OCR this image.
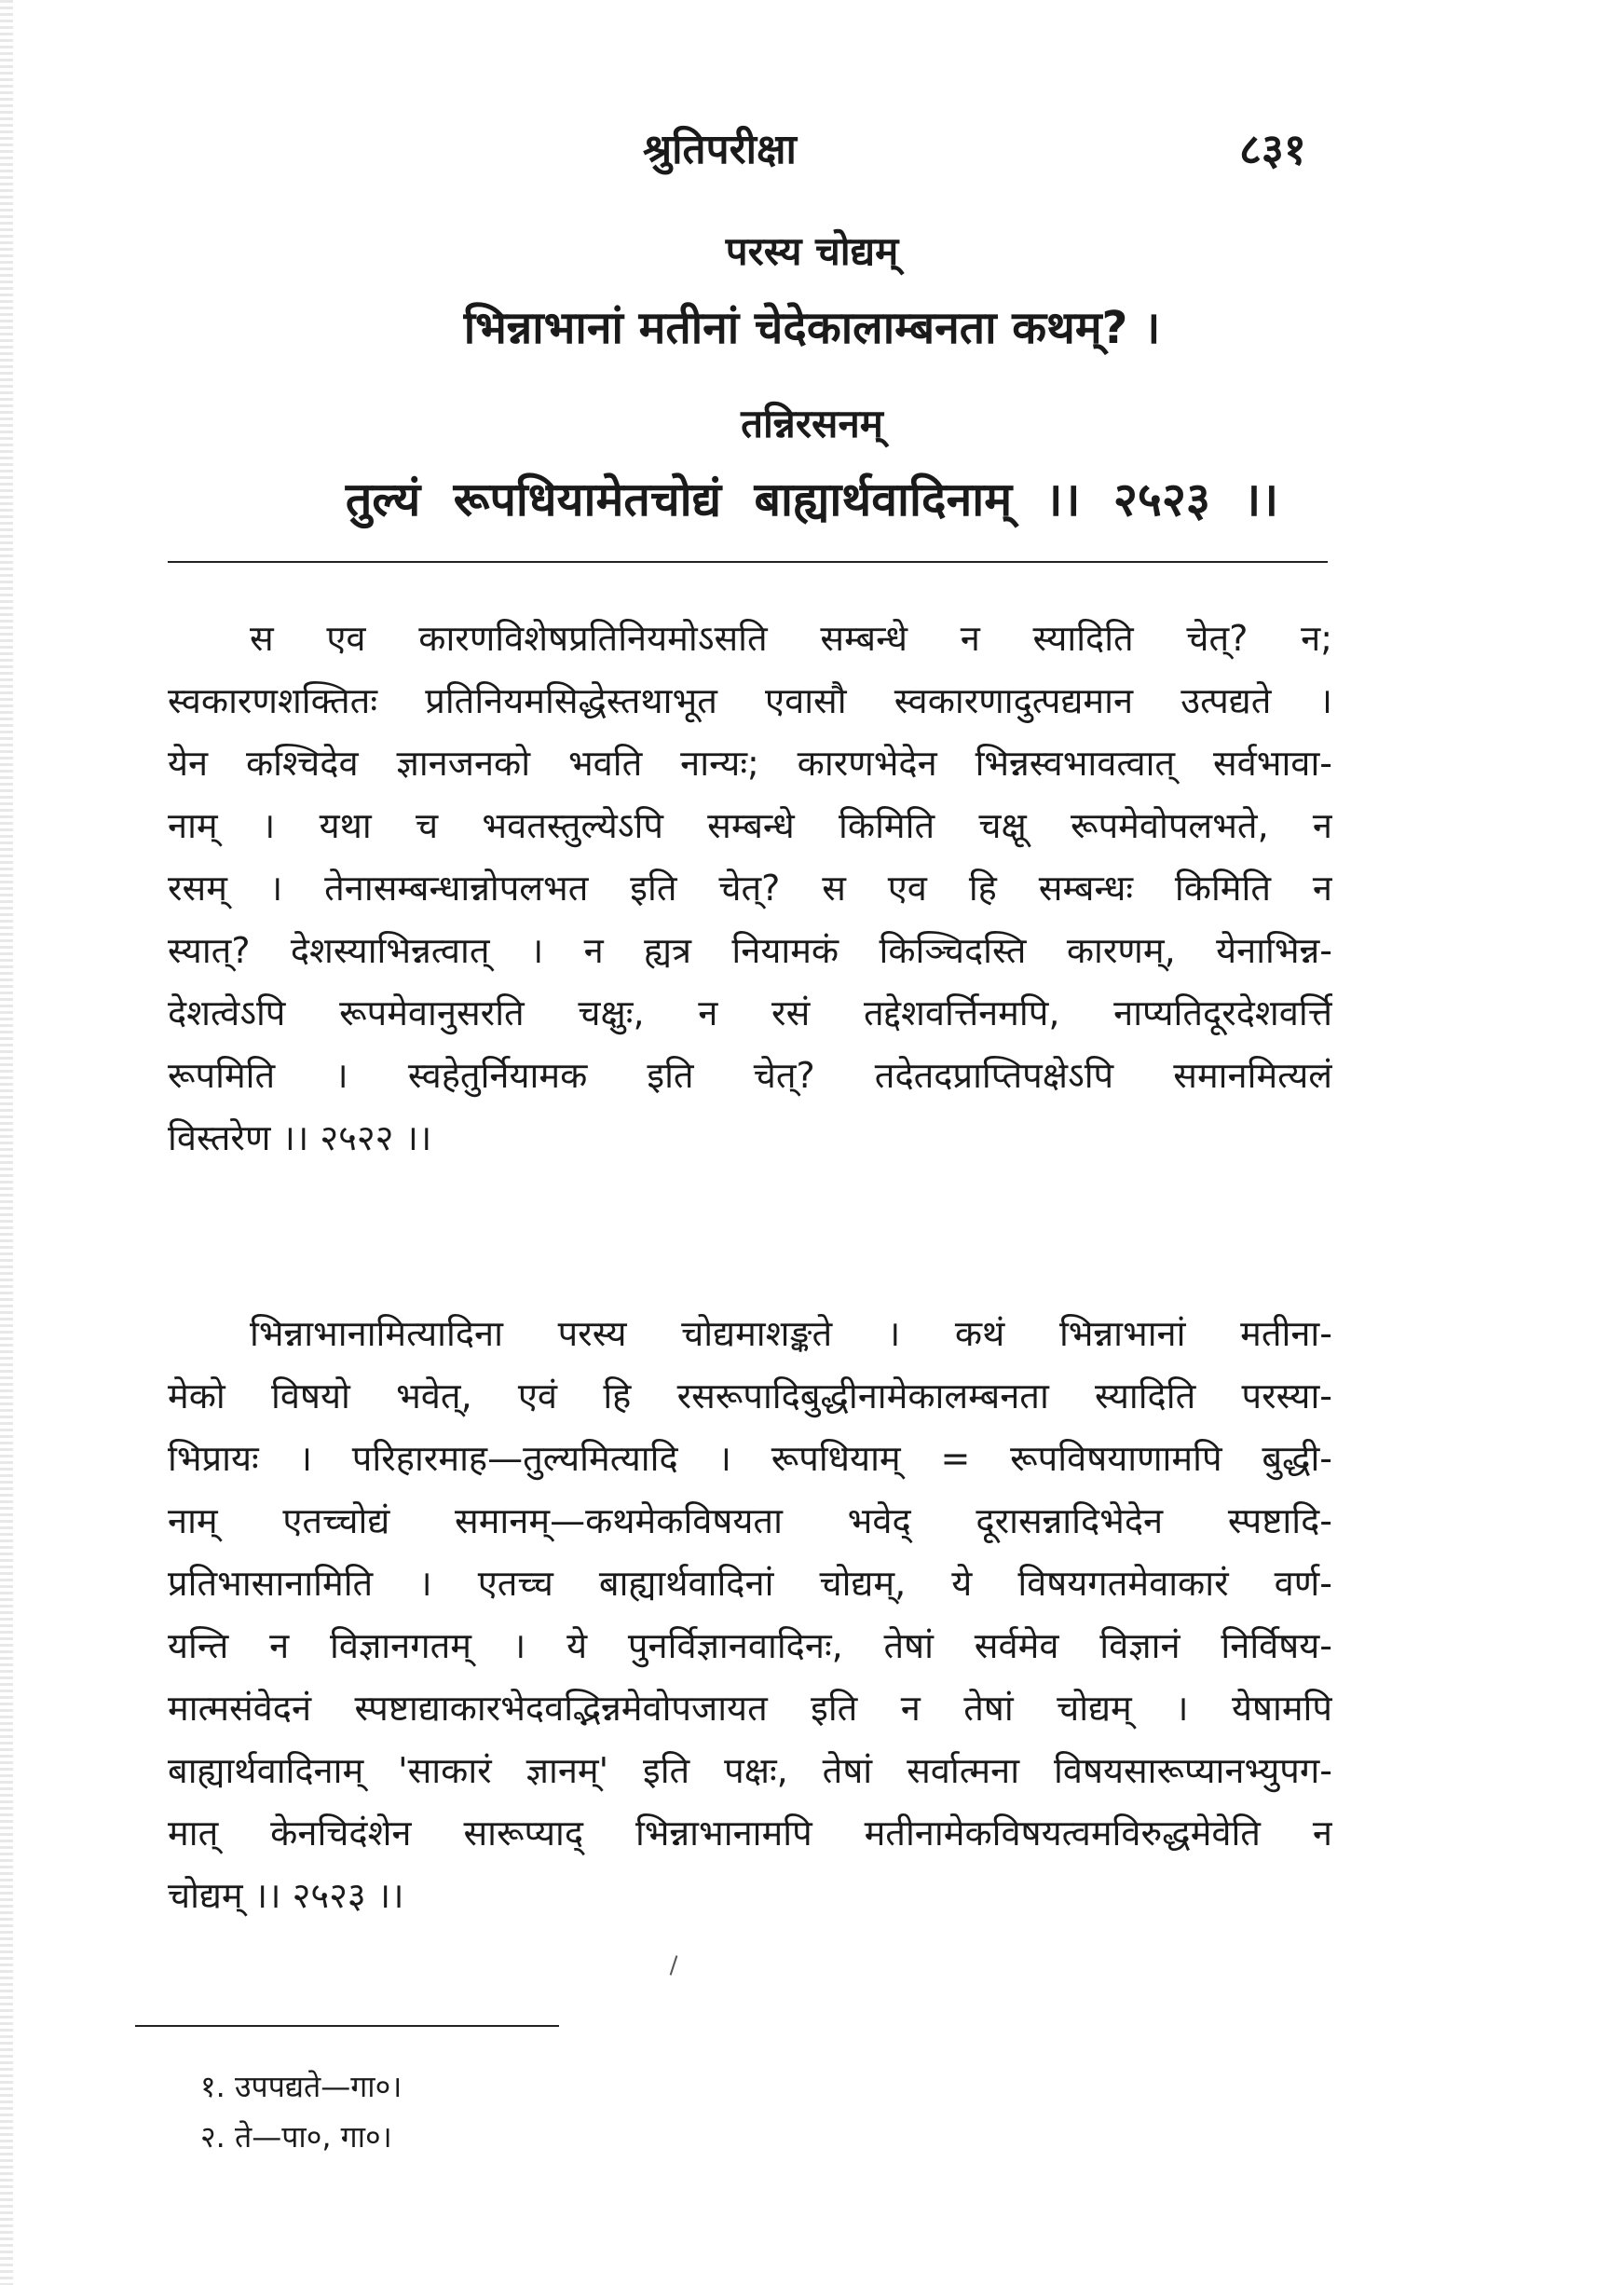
श्रुतिपरीक्षा	८३१
परस्य चोद्यम्
भिन्नाभानां मतीनां चेदेकालाम्बनता कथम्? ।
तन्निरसनम्
तुल्यं रूपधियामेतचोद्यं बाह्यार्थवादिनाम् ।। २५२३ ।।
स एव कारणविशेषप्रतिनियमोऽसति सम्बन्धे न स्यादिति चेत्? न;
स्वकारणशक्तितः प्रतिनियमसिद्धेस्तथाभूत एवासौ स्वकारणादुत्पद्यमान उत्पद्यते ।
येन कश्चिदेव ज्ञानजनको भवति नान्यः; कारणभेदेन भिन्नस्वभावत्वात् सर्वभावा-
नाम् । यथा च भवतस्तुल्येऽपि सम्बन्धे किमिति चक्षू रूपमेवोपलभते, न
रसम् । तेनासम्बन्धान्नोपलभत इति चेत्? स एव हि सम्बन्धः किमिति न
स्यात्? देशस्याभिन्नत्वात् । न ह्यत्र नियामकं किञ्चिदस्ति कारणम्, येनाभिन्न-
देशत्वेऽपि रूपमेवानुसरति चक्षुः, न रसं तद्देशवर्त्तिनमपि, नाप्यतिदूरदेशवर्त्ति
रूपमिति । स्वहेतुर्नियामक इति चेत्? तदेतदप्राप्तिपक्षेऽपि समानमित्यलं
विस्तरेण ।। २५२२ ।।
भिन्नाभानामित्यादिना परस्य चोद्यमाशङ्कते । कथं भिन्नाभानां मतीना-
मेको विषयो भवेत्, एवं हि रसरूपादिबुद्धीनामेकालम्बनता स्यादिति परस्या-
भिप्रायः । परिहारमाह—तुल्यमित्यादि । रूपधियाम् = रूपविषयाणामपि बुद्धी-
नाम् एतच्चोद्यं समानम्—कथमेकविषयता भवेद् दूरासन्नादिभेदेन स्पष्टादि-
प्रतिभासानामिति । एतच्च बाह्यार्थवादिनां चोद्यम्, ये विषयगतमेवाकारं वर्ण-
यन्ति न विज्ञानगतम् । ये पुनर्विज्ञानवादिनः, तेषां सर्वमेव विज्ञानं निर्विषय-
मात्मसंवेदनं स्पष्टाद्याकारभेदवद्भिन्नमेवोपजायत इति न तेषां चोद्यम् । येषामपि
बाह्यार्थवादिनाम् 'साकारं ज्ञानम्' इति पक्षः, तेषां सर्वात्मना विषयसारूप्यानभ्युपग-
मात् केनचिदंशेन सारूप्याद् भिन्नाभानामपि मतीनामेकविषयत्वमविरुद्धमेवेति न
चोद्यम् ।। २५२३ ।।
१. उपपद्यते—गा०।
२. ते—पा०, गा०।
